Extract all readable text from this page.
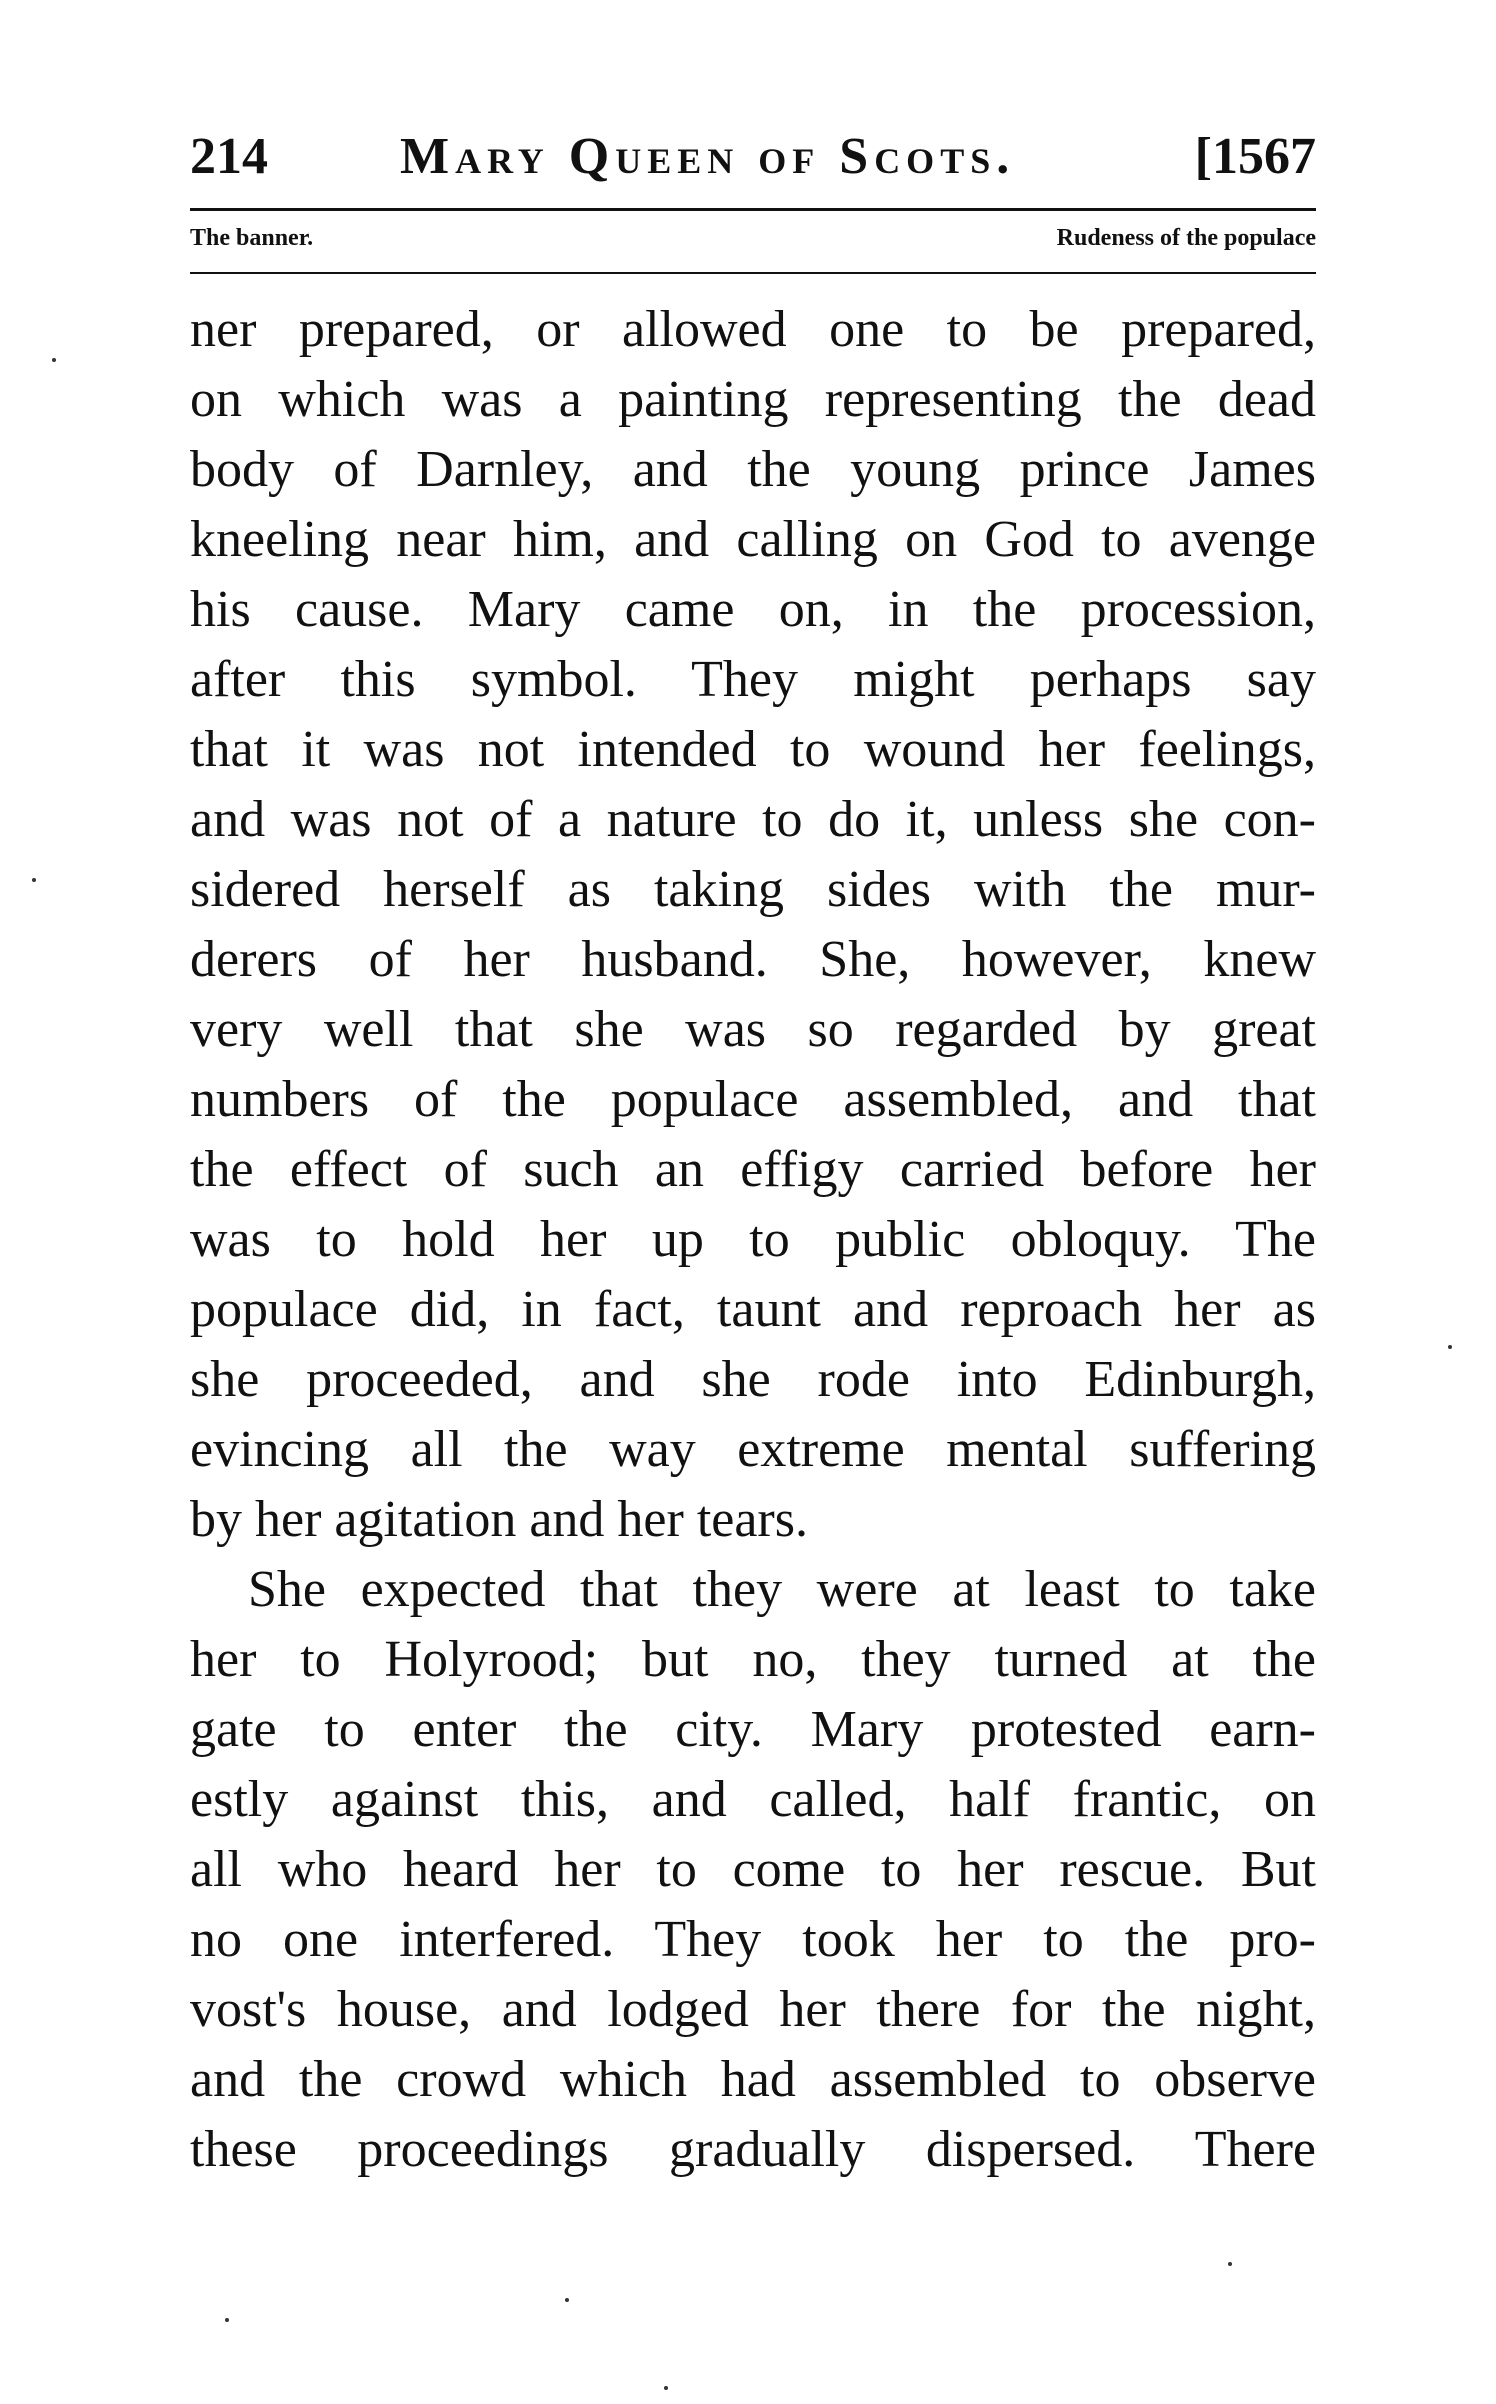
214	Mary Queen of Scots.	[1567
The banner.	Rudeness of the populace
ner prepared, or allowed one to be prepared,
on which was a painting representing the dead
body of Darnley, and the young prince James
kneeling near him, and calling on God to avenge
his cause. Mary came on, in the procession,
after this symbol. They might perhaps say
that it was not intended to wound her feelings,
and was not of a nature to do it, unless she con-
sidered herself as taking sides with the mur-
derers of her husband. She, however, knew
very well that she was so regarded by great
numbers of the populace assembled, and that
the effect of such an effigy carried before her
was to hold her up to public obloquy. The
populace did, in fact, taunt and reproach her as
she proceeded, and she rode into Edinburgh,
evincing all the way extreme mental suffering
by her agitation and her tears.
She expected that they were at least to take
her to Holyrood; but no, they turned at the
gate to enter the city. Mary protested earn-
estly against this, and called, half frantic, on
all who heard her to come to her rescue. But
no one interfered. They took her to the pro-
vost's house, and lodged her there for the night,
and the crowd which had assembled to observe
these proceedings gradually dispersed. There
